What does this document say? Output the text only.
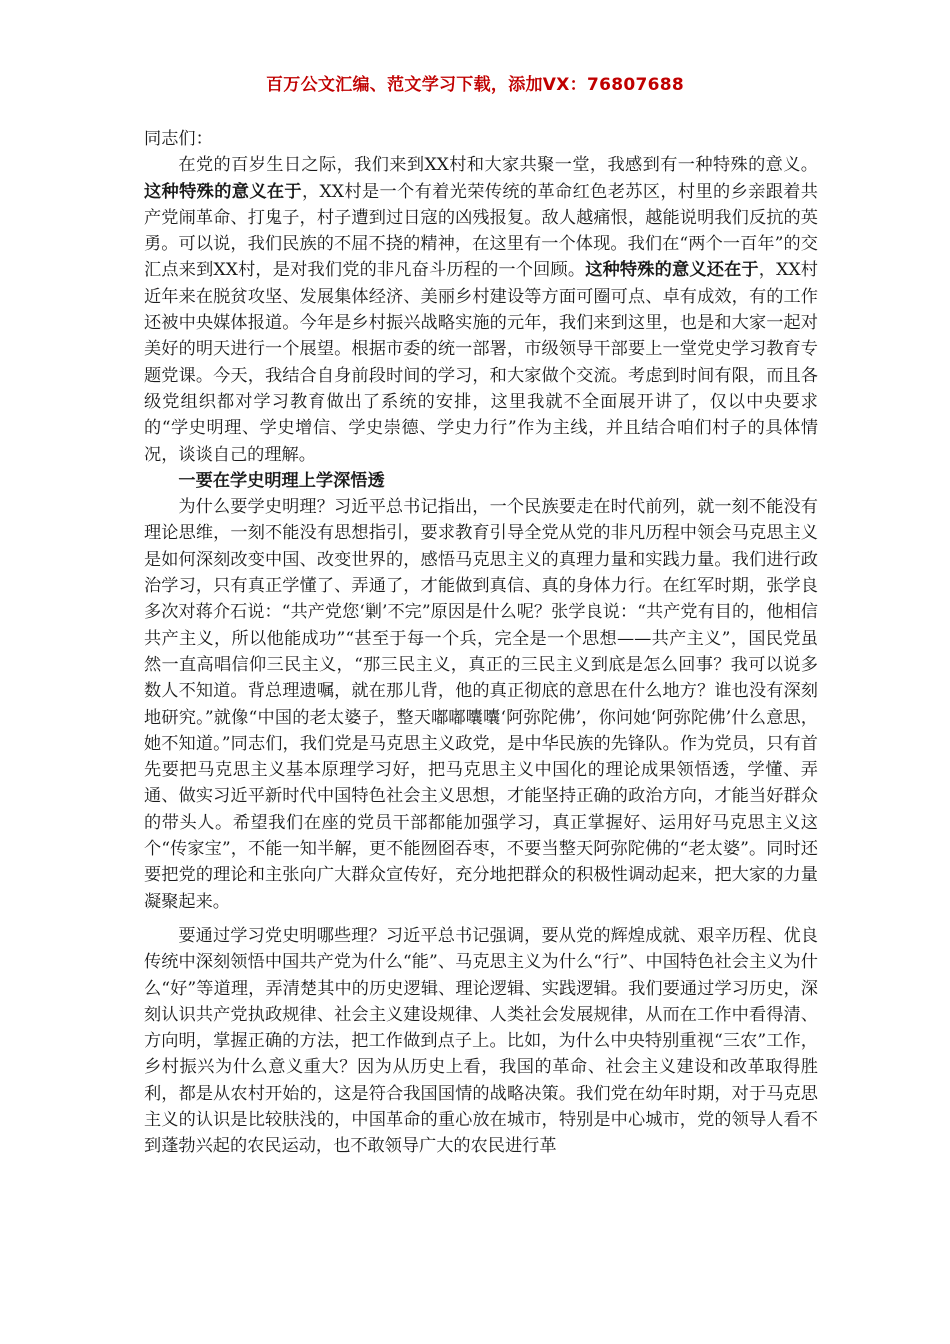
百万公文汇编、范文学习下载，添加VX：76807688

同志们：

在党的百岁生日之际，我们来到XX村和大家共聚一堂，我感到有一种特殊的意义。这种特殊的意义在于，XX村是一个有着光荣传统的革命红色老苏区，村里的乡亲跟着共产党闹革命、打鬼子，村子遭到过日寇的凶残报复。敌人越痛恨，越能说明我们反抗的英勇。可以说，我们民族的不屈不挠的精神，在这里有一个体现。我们在“两个一百年”的交汇点来到XX村，是对我们党的非凡奋斗历程的一个回顾。这种特殊的意义还在于，XX村近年来在脱贫攻坚、发展集体经济、美丽乡村建设等方面可圈可点、卓有成效，有的工作还被中央媒体报道。今年是乡村振兴战略实施的元年，我们来到这里，也是和大家一起对美好的明天进行一个展望。根据市委的统一部署，市级领导干部要上一堂党史学习教育专题党课。今天，我结合自身前段时间的学习，和大家做个交流。考虑到时间有限，而且各级党组织都对学习教育做出了系统的安排，这里我就不全面展开讲了，仅以中央要求的“学史明理、学史增信、学史崇德、学史力行”作为主线，并且结合咱们村子的具体情况，谈谈自己的理解。

一要在学史明理上学深悟透

为什么要学史明理？习近平总书记指出，一个民族要走在时代前列，就一刻不能没有理论思维，一刻不能没有思想指引，要求教育引导全党从党的非凡历程中领会马克思主义是如何深刻改变中国、改变世界的，感悟马克思主义的真理力量和实践力量。我们进行政治学习，只有真正学懂了、弄通了，才能做到真信、真的身体力行。在红军时期，张学良多次对蒋介石说：“共产党您‘剿’不完”原因是什么呢？张学良说：“共产党有目的，他相信共产主义，所以他能成功”“甚至于每一个兵，完全是一个思想——共产主义”，国民党虽然一直高唱信仰三民主义，“那三民主义，真正的三民主义到底是怎么回事？我可以说多数人不知道。背总理遗嘱，就在那儿背，他的真正彻底的意思在什么地方？谁也没有深刻地研究。”就像“中国的老太婆子，整天嘟嘟囔囔‘阿弥陀佛’，你问她‘阿弥陀佛’什么意思，她不知道。”同志们，我们党是马克思主义政党，是中华民族的先锋队。作为党员，只有首先要把马克思主义基本原理学习好，把马克思主义中国化的理论成果领悟透，学懂、弄通、做实习近平新时代中国特色社会主义思想，才能坚持正确的政治方向，才能当好群众的带头人。希望我们在座的党员干部都能加强学习，真正掌握好、运用好马克思主义这个“传家宝”，不能一知半解，更不能囫囵吞枣，不要当整天阿弥陀佛的“老太婆”。同时还要把党的理论和主张向广大群众宣传好，充分地把群众的积极性调动起来，把大家的力量凝聚起来。

要通过学习党史明哪些理？习近平总书记强调，要从党的辉煌成就、艰辛历程、优良传统中深刻领悟中国共产党为什么“能”、马克思主义为什么“行”、中国特色社会主义为什么“好”等道理，弄清楚其中的历史逻辑、理论逻辑、实践逻辑。我们要通过学习历史，深刻认识共产党执政规律、社会主义建设规律、人类社会发展规律，从而在工作中看得清、方向明，掌握正确的方法，把工作做到点子上。比如，为什么中央特别重视“三农”工作，乡村振兴为什么意义重大？因为从历史上看，我国的革命、社会主义建设和改革取得胜利，都是从农村开始的，这是符合我国国情的战略决策。我们党在幼年时期，对于马克思主义的认识是比较肤浅的，中国革命的重心放在城市，特别是中心城市，党的领导人看不到蓬勃兴起的农民运动，也不敢领导广大的农民进行革
